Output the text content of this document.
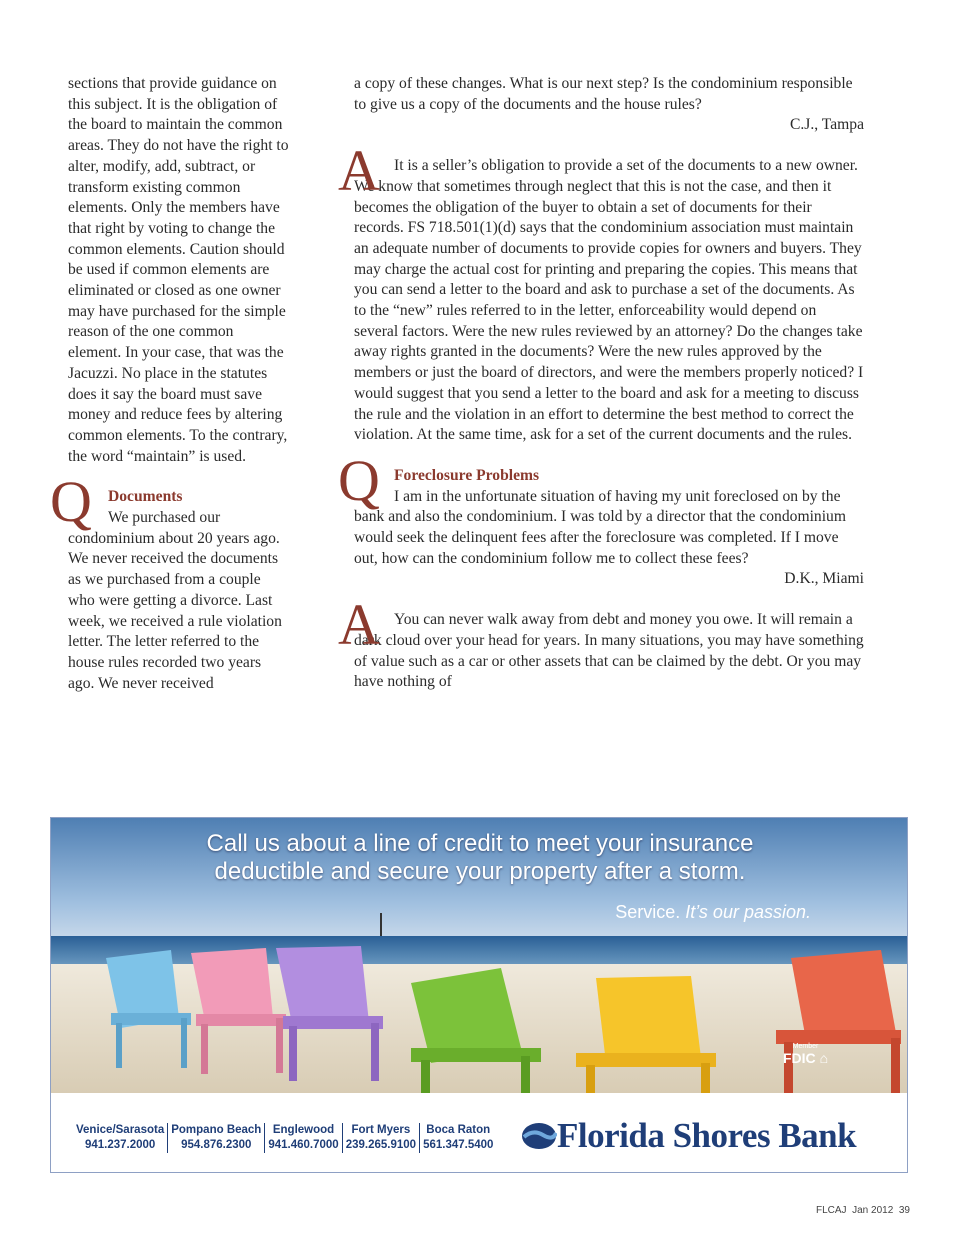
sections that provide guidance on this subject. It is the obligation of the board to maintain the common areas. They do not have the right to alter, modify, add, subtract, or transform existing common elements. Only the members have that right by voting to change the common elements. Caution should be used if common elements are eliminated or closed as one owner may have purchased for the simple reason of the one common element. In your case, that was the Jacuzzi. No place in the statutes does it say the board must save money and reduce fees by altering common elements. To the contrary, the word “maintain” is used.

Q	Documents

We purchased our condominium about 20 years ago. We never received the documents as we purchased from a couple who were getting a divorce. Last week, we received a rule violation letter. The letter referred to the house rules recorded two years ago. We never received

a copy of these changes. What is our next step? Is the condominium responsible to give us a copy of the documents and the house rules?

C.J., Tampa

A It is a seller’s obligation to provide a set of the documents to a new owner. We know that sometimes through neglect that this is not the case, and then it becomes the obligation of the buyer to obtain a set of documents for their records. FS 718.501(1)(d) says that the condominium association must maintain an adequate number of documents to provide copies for owners and buyers. They may charge the actual cost for printing and preparing the copies. This means that you can send a letter to the board and ask to purchase a set of the documents. As to the “new” rules referred to in the letter, enforceability would depend on several factors. Were the new rules reviewed by an attorney? Do the changes take away rights granted in the documents? Were the new rules approved by the members or just the board of directors, and were the members properly noticed? I would suggest that you send a letter to the board and ask for a meeting to discuss the rule and the violation in an effort to determine the best method to correct the violation. At the same time, ask for a set of the current documents and the rules.

Q Foreclosure Problems

I am in the unfortunate situation of having my unit foreclosed on by the bank and also the condominium. I was told by a director that the condominium would seek the delinquent fees after the foreclosure was completed. If I move out, how can the condominium follow me to collect these fees?

D.K., Miami

A You can never walk away from debt and money you owe. It will remain a dark cloud over your head for years. In many situations, you may have something of value such as a car or other assets that can be claimed by the debt. Or you may have nothing of

Call us about a line of credit to meet your insurance
deductible and secure your property after a storm.
Service. It’s our passion.
Member
FDIC ⌂
Venice/Sarasota
941.237.2000
Pompano Beach
954.876.2300
Englewood
941.460.7000
Fort Myers
239.265.9100
Boca Raton
561.347.5400 Florida Shores Bank
FLCAJ Jan 2012 39
